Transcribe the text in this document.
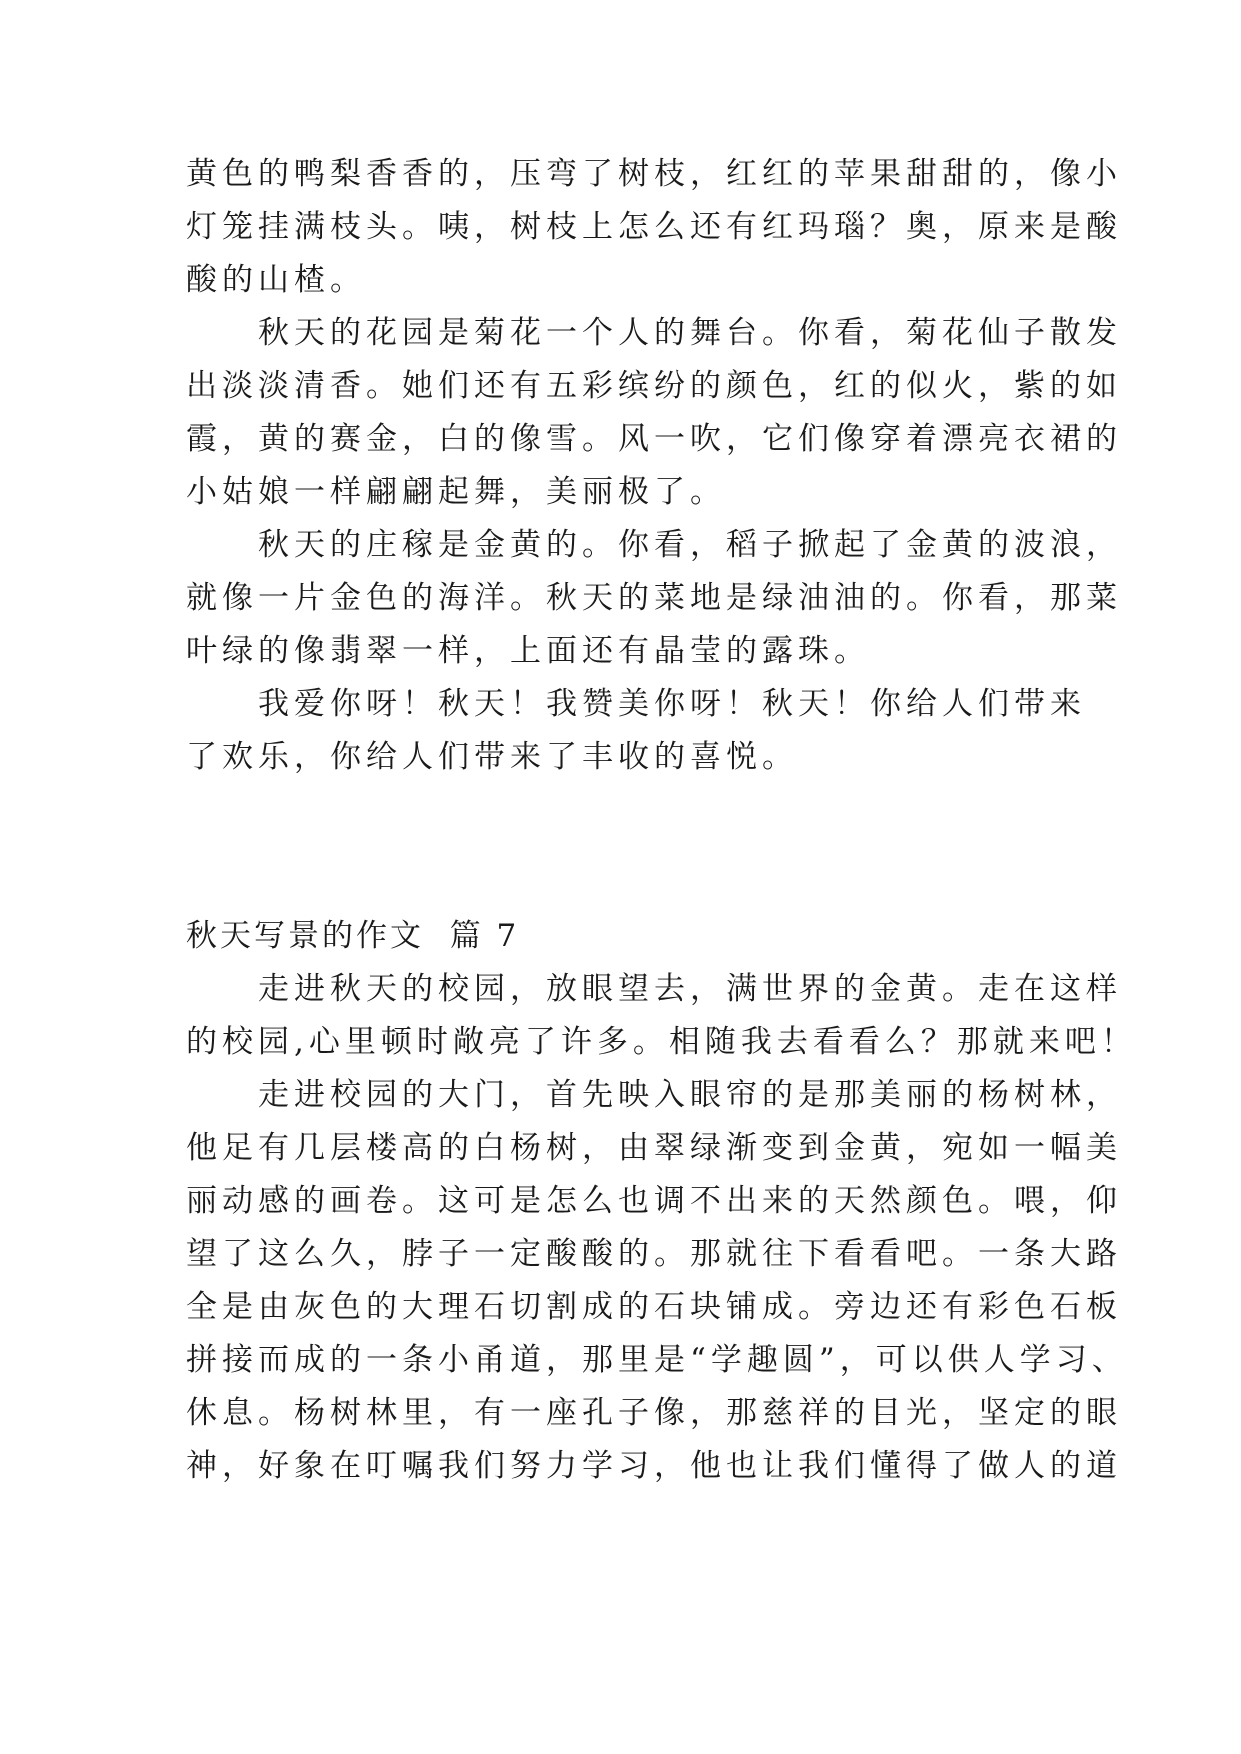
黄色的鸭梨香香的，压弯了树枝，红红的苹果甜甜的，像小
灯笼挂满枝头。咦，树枝上怎么还有红玛瑙？奥，原来是酸
酸的山楂。
秋天的花园是菊花一个人的舞台。你看，菊花仙子散发
出淡淡清香。她们还有五彩缤纷的颜色，红的似火，紫的如
霞，黄的赛金，白的像雪。风一吹，它们像穿着漂亮衣裙的
小姑娘一样翩翩起舞，美丽极了。
秋天的庄稼是金黄的。你看，稻子掀起了金黄的波浪，
就像一片金色的海洋。秋天的菜地是绿油油的。你看，那菜
叶绿的像翡翠一样，上面还有晶莹的露珠。
我爱你呀！秋天！我赞美你呀！秋天！你给人们带来
了欢乐，你给人们带来了丰收的喜悦。
秋天写景的作文  篇 7
走进秋天的校园，放眼望去，满世界的金黄。走在这样
的校园,心里顿时敞亮了许多。相随我去看看么？那就来吧！
走进校园的大门，首先映入眼帘的是那美丽的杨树林，
他足有几层楼高的白杨树，由翠绿渐变到金黄，宛如一幅美
丽动感的画卷。这可是怎么也调不出来的天然颜色。喂，仰
望了这么久，脖子一定酸酸的。那就往下看看吧。一条大路
全是由灰色的大理石切割成的石块铺成。旁边还有彩色石板
拼接而成的一条小甬道，那里是“学趣圆”，可以供人学习、
休息。杨树林里，有一座孔子像，那慈祥的目光，坚定的眼
神，好象在叮嘱我们努力学习，他也让我们懂得了做人的道
